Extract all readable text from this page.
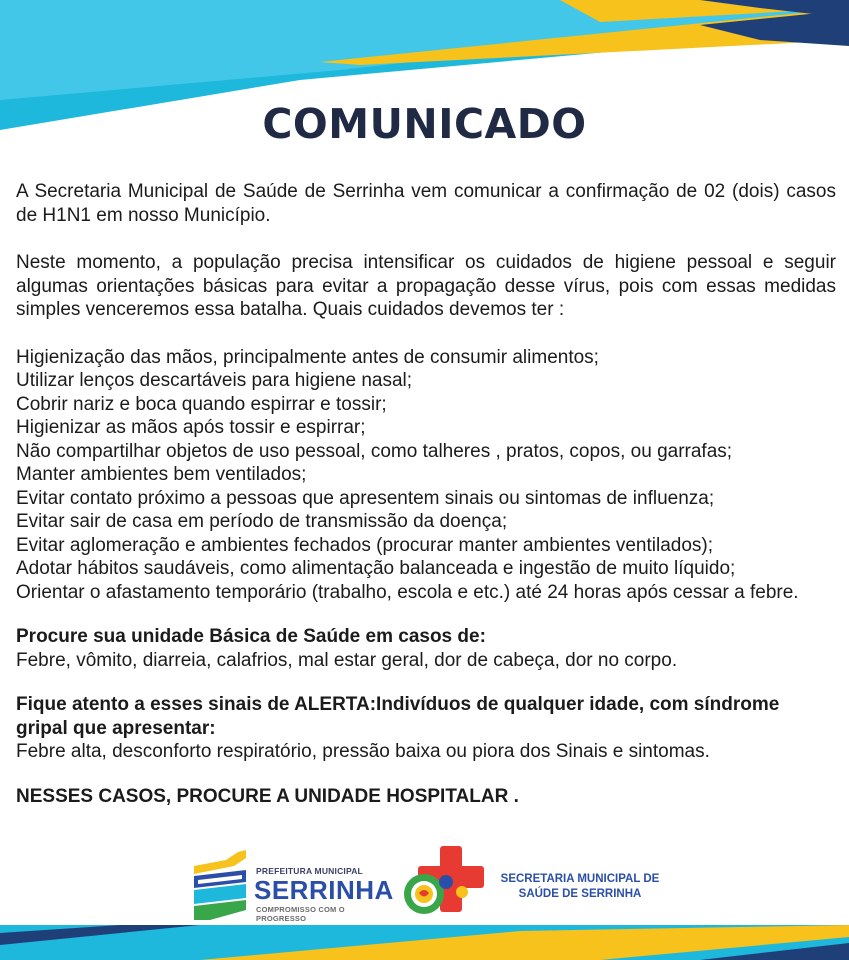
COMUNICADO

A Secretaria Municipal de Saúde de Serrinha vem comunicar a confirmação de 02 (dois) casos de H1N1 em nosso Município.

Neste momento, a população precisa intensificar os cuidados de higiene pessoal e seguir algumas orientações básicas para evitar a propagação desse vírus, pois com essas medidas simples venceremos essa batalha. Quais cuidados devemos ter :

Higienização das mãos, principalmente antes de consumir alimentos;
Utilizar lenços descartáveis para higiene nasal;
Cobrir nariz e boca quando espirrar e tossir;
Higienizar as mãos após tossir e espirrar;
Não compartilhar objetos de uso pessoal, como talheres , pratos, copos, ou garrafas;
Manter ambientes bem ventilados;
Evitar contato próximo a pessoas que apresentem sinais ou sintomas de influenza;
Evitar sair de casa em período de transmissão da doença;
Evitar aglomeração e ambientes fechados (procurar manter ambientes ventilados);
Adotar hábitos saudáveis, como alimentação balanceada e ingestão de muito líquido;
Orientar o afastamento temporário (trabalho, escola e etc.) até 24 horas após cessar a febre.

Procure sua unidade Básica de Saúde em casos de:

Febre, vômito, diarreia, calafrios, mal estar geral, dor de cabeça, dor no corpo.

Fique atento a esses sinais de ALERTA:Indivíduos de qualquer idade, com síndrome gripal que apresentar:

Febre alta, desconforto respiratório, pressão baixa ou piora dos Sinais e sintomas.

NESSES CASOS, PROCURE A UNIDADE HOSPITALAR .

PREFEITURA MUNICIPAL
SERRINHA
COMPROMISSO COM O PROGRESSO
SECRETARIA MUNICIPAL DE
SAÚDE DE SERRINHA
